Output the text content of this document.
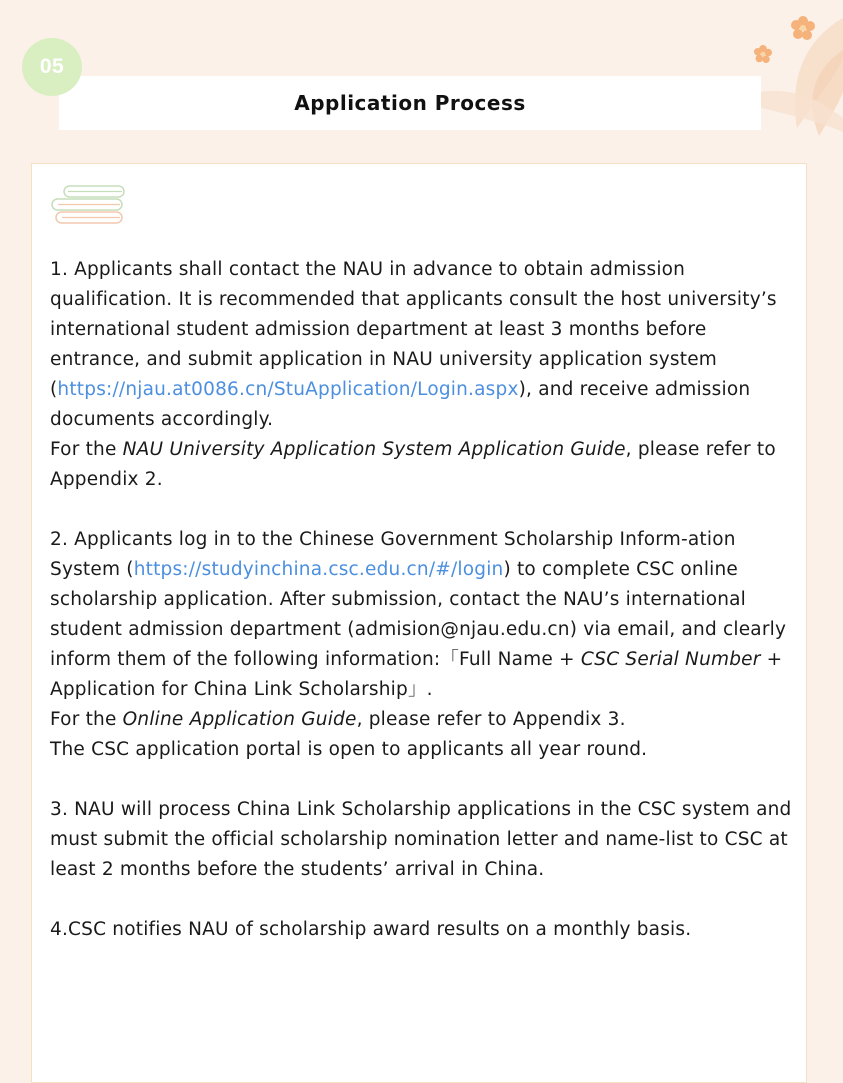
05
Application Process

1. Applicants shall contact the NAU in advance to obtain admission qualification. It is recommended that applicants consult the host university’s international student admission department at least 3 months before entrance, and submit application in NAU university application system (https://njau.at0086.cn/StuApplication/Login.aspx), and receive admission documents accordingly.

For the NAU University Application System Application Guide, please refer to Appendix 2.

2. Applicants log in to the Chinese Government Scholarship Inform-ation System (https://studyinchina.csc.edu.cn/#/login) to complete CSC online scholarship application. After submission, contact the NAU’s international student admission department (admision@njau.edu.cn) via email, and clearly inform them of the following information:「Full Name + CSC Serial Number + Application for China Link Scholarship」.

For the Online Application Guide, please refer to Appendix 3.

The CSC application portal is open to applicants all year round.

3. NAU will process China Link Scholarship applications in the CSC system and must submit the official scholarship nomination letter and name-list to CSC at least 2 months before the students’ arrival in China.

4.CSC notifies NAU of scholarship award results on a monthly basis.
